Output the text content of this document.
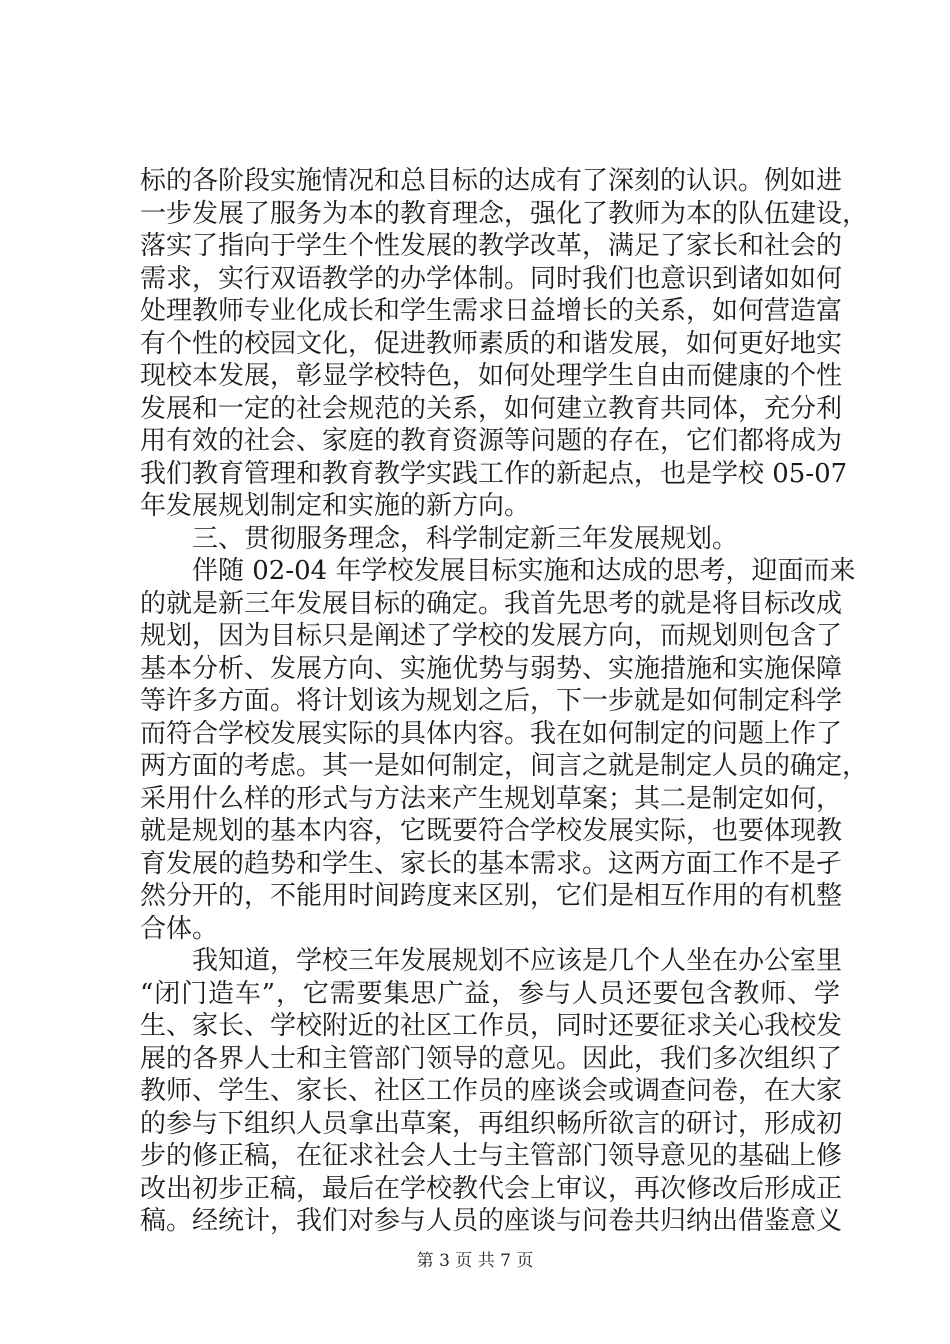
标的各阶段实施情况和总目标的达成有了深刻的认识。例如进
一步发展了服务为本的教育理念，强化了教师为本的队伍建设，
落实了指向于学生个性发展的教学改革，满足了家长和社会的
需求，实行双语教学的办学体制。同时我们也意识到诸如如何
处理教师专业化成长和学生需求日益增长的关系，如何营造富
有个性的校园文化，促进教师素质的和谐发展，如何更好地实
现校本发展，彰显学校特色，如何处理学生自由而健康的个性
发展和一定的社会规范的关系，如何建立教育共同体，充分利
用有效的社会、家庭的教育资源等问题的存在，它们都将成为
我们教育管理和教育教学实践工作的新起点，也是学校 05-07
年发展规划制定和实施的新方向。
三、贯彻服务理念，科学制定新三年发展规划。
伴随 02-04 年学校发展目标实施和达成的思考，迎面而来
的就是新三年发展目标的确定。我首先思考的就是将目标改成
规划，因为目标只是阐述了学校的发展方向，而规划则包含了
基本分析、发展方向、实施优势与弱势、实施措施和实施保障
等许多方面。将计划该为规划之后，下一步就是如何制定科学
而符合学校发展实际的具体内容。我在如何制定的问题上作了
两方面的考虑。其一是如何制定，间言之就是制定人员的确定，
采用什么样的形式与方法来产生规划草案；其二是制定如何，
就是规划的基本内容，它既要符合学校发展实际，也要体现教
育发展的趋势和学生、家长的基本需求。这两方面工作不是孑
然分开的，不能用时间跨度来区别，它们是相互作用的有机整
合体。
我知道，学校三年发展规划不应该是几个人坐在办公室里
“闭门造车”，它需要集思广益，参与人员还要包含教师、学
生、家长、学校附近的社区工作员，同时还要征求关心我校发
展的各界人士和主管部门领导的意见。因此，我们多次组织了
教师、学生、家长、社区工作员的座谈会或调查问卷，在大家
的参与下组织人员拿出草案，再组织畅所欲言的研讨，形成初
步的修正稿，在征求社会人士与主管部门领导意见的基础上修
改出初步正稿，最后在学校教代会上审议，再次修改后形成正
稿。经统计，我们对参与人员的座谈与问卷共归纳出借鉴意义
第 3 页 共 7 页
